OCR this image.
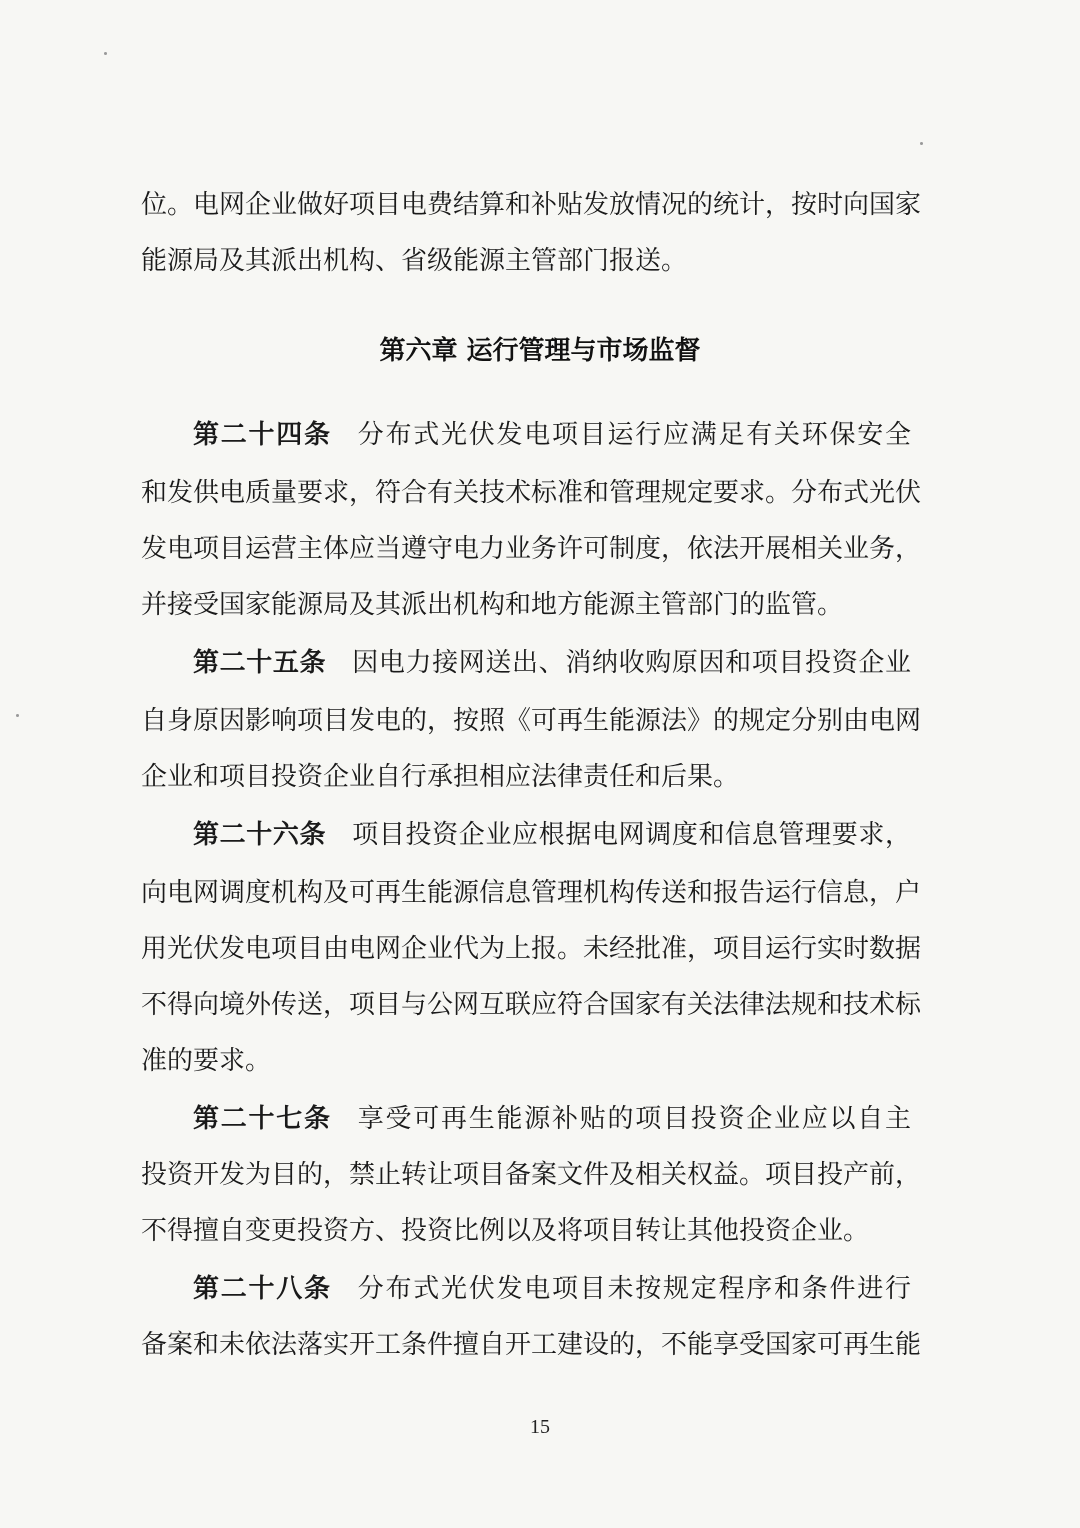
位。电网企业做好项目电费结算和补贴发放情况的统计，按时向国家
能源局及其派出机构、省级能源主管部门报送。
第六章 运行管理与市场监督
第二十四条 分布式光伏发电项目运行应满足有关环保安全
和发供电质量要求，符合有关技术标准和管理规定要求。分布式光伏
发电项目运营主体应当遵守电力业务许可制度，依法开展相关业务，
并接受国家能源局及其派出机构和地方能源主管部门的监管。
第二十五条 因电力接网送出、消纳收购原因和项目投资企业
自身原因影响项目发电的，按照《可再生能源法》的规定分别由电网
企业和项目投资企业自行承担相应法律责任和后果。
第二十六条 项目投资企业应根据电网调度和信息管理要求，
向电网调度机构及可再生能源信息管理机构传送和报告运行信息，户
用光伏发电项目由电网企业代为上报。未经批准，项目运行实时数据
不得向境外传送，项目与公网互联应符合国家有关法律法规和技术标
准的要求。
第二十七条 享受可再生能源补贴的项目投资企业应以自主
投资开发为目的，禁止转让项目备案文件及相关权益。项目投产前，
不得擅自变更投资方、投资比例以及将项目转让其他投资企业。
第二十八条 分布式光伏发电项目未按规定程序和条件进行
备案和未依法落实开工条件擅自开工建设的，不能享受国家可再生能
15
